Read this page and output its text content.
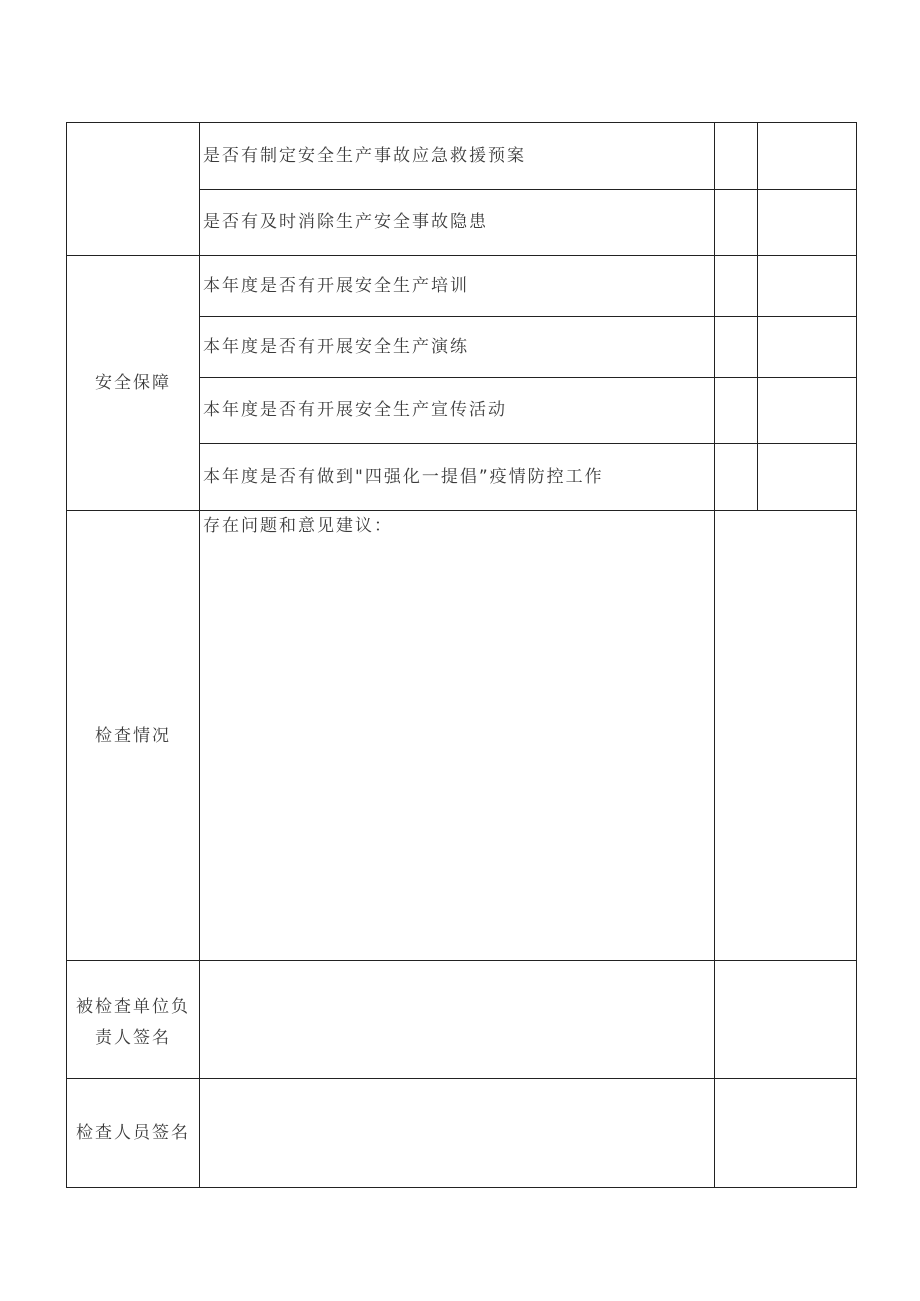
是否有制定安全生产事故应急救援预案
是否有及时消除生产安全事故隐患
本年度是否有开展安全生产培训
本年度是否有开展安全生产演练
本年度是否有开展安全生产宣传活动
本年度是否有做到"四强化一提倡”疫情防控工作
安全保障
检查情况
被检查单位负
责人签名
检查人员签名
存在问题和意见建议：
